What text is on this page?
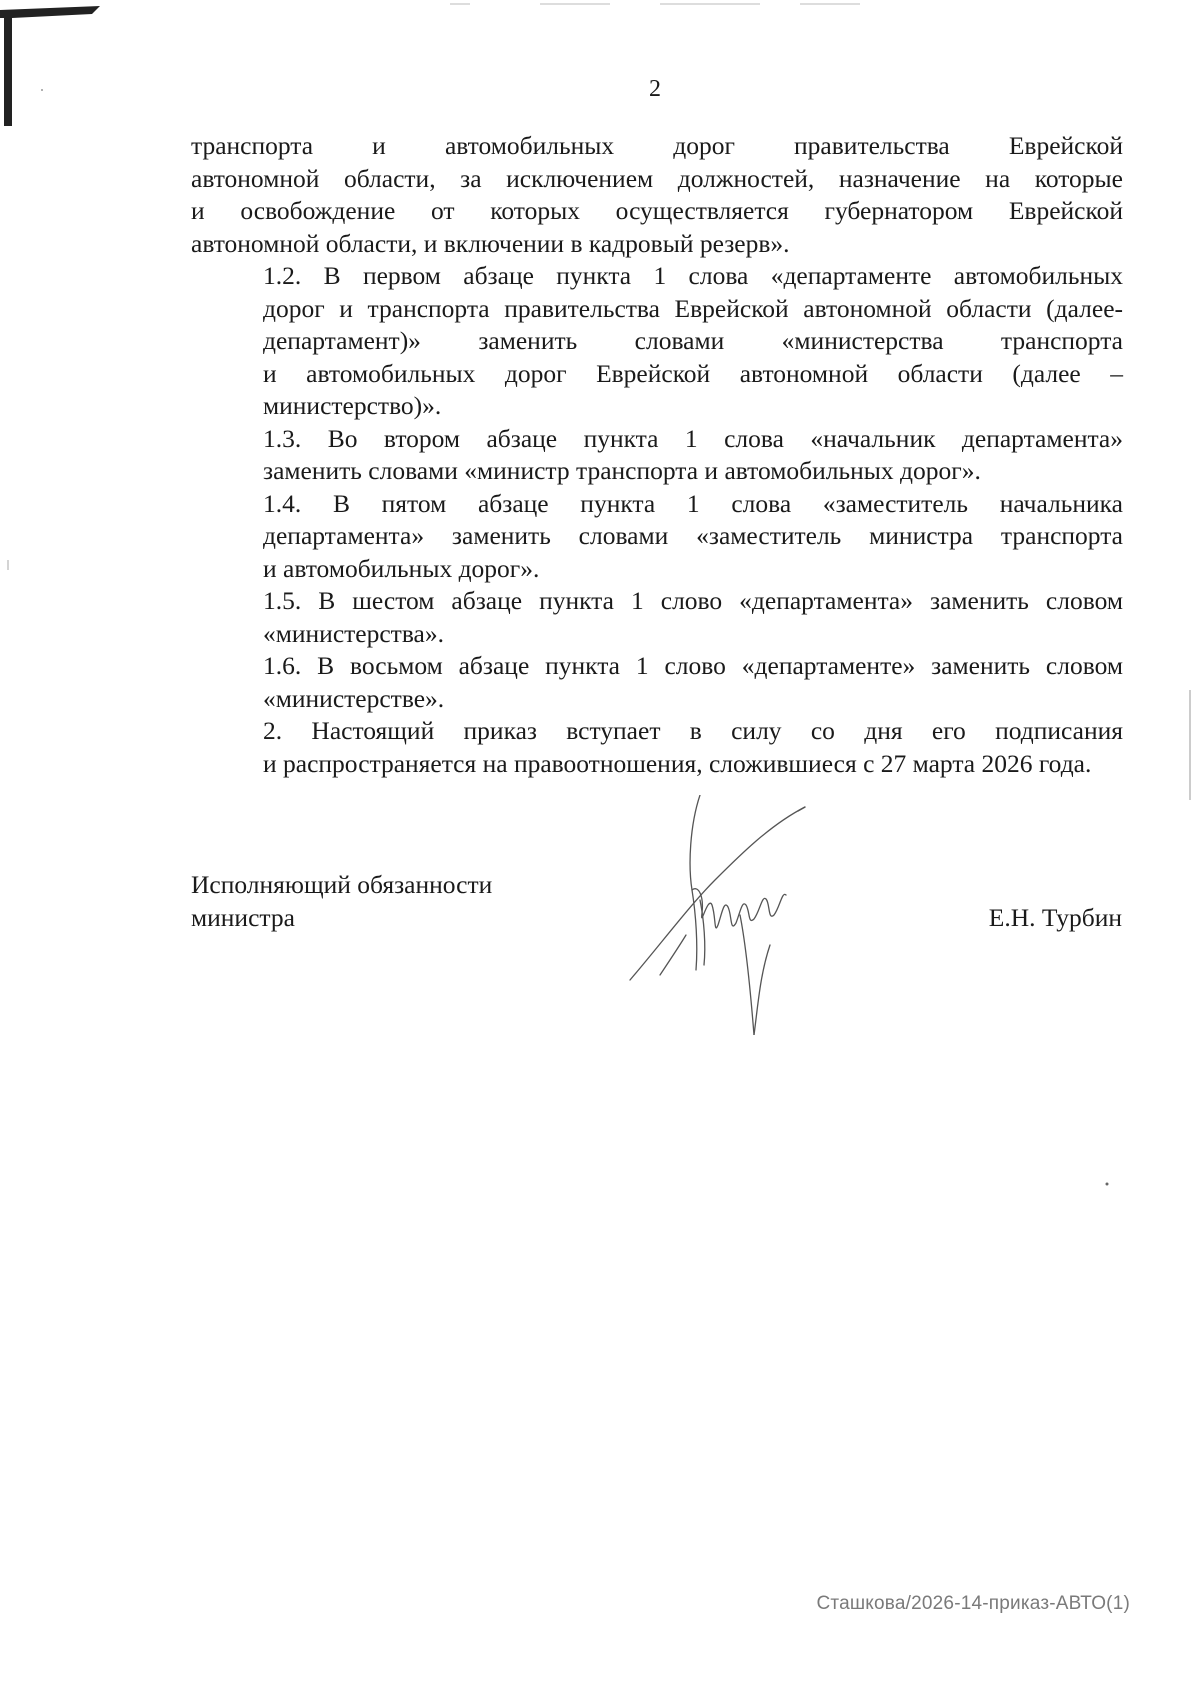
2
транспорта и автомобильных дорог правительства Еврейской
автономной области, за исключением должностей, назначение на которые
и освобождение от которых осуществляется губернатором Еврейской
автономной области, и включении в кадровый резерв».
1.2. В первом абзаце пункта 1 слова «департаменте автомобильных
дорог и транспорта правительства Еврейской автономной области (далее-
департамент)» заменить словами «министерства транспорта
и автомобильных дорог Еврейской автономной области (далее –
министерство)».
1.3. Во втором абзаце пункта 1 слова «начальник департамента»
заменить словами «министр транспорта и автомобильных дорог».
1.4. В пятом абзаце пункта 1 слова «заместитель начальника
департамента» заменить словами «заместитель министра транспорта
и автомобильных дорог».
1.5. В шестом абзаце пункта 1 слово «департамента» заменить словом
«министерства».
1.6. В восьмом абзаце пункта 1 слово «департаменте» заменить словом
«министерстве».
2. Настоящий приказ вступает в силу со дня его подписания
и распространяется на правоотношения, сложившиеся с 27 марта 2026 года.
Исполняющий обязанности
министра	Е.Н. Турбин
Сташкова/2026-14-приказ-АВТО(1)
